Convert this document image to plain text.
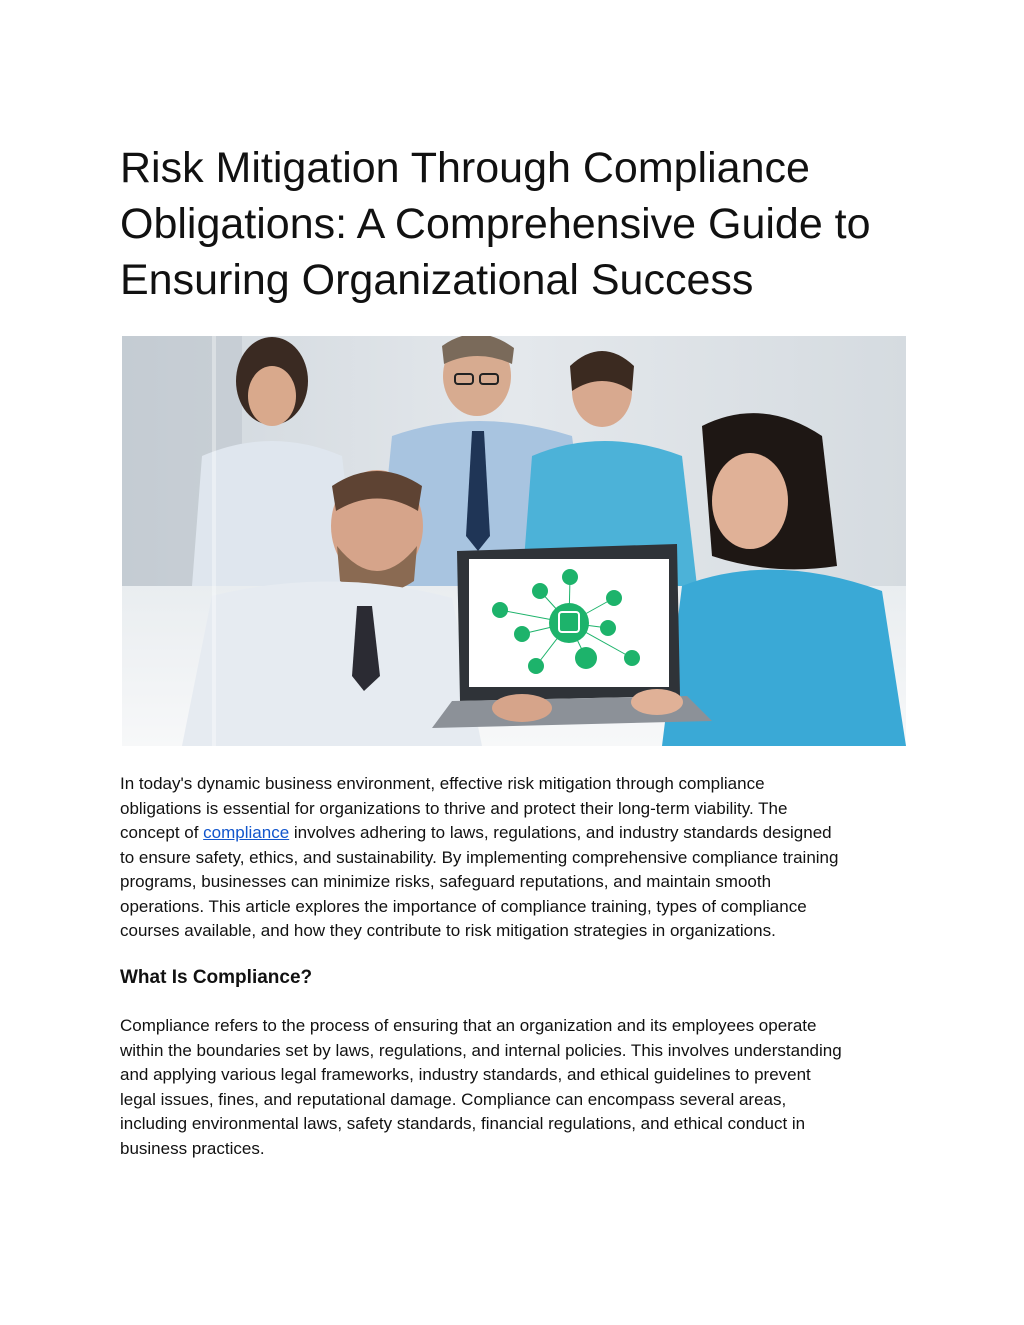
Risk Mitigation Through Compliance
Obligations: A Comprehensive Guide to
Ensuring Organizational Success

In today's dynamic business environment, effective risk mitigation through compliance
obligations is essential for organizations to thrive and protect their long-term viability. The
concept of compliance involves adhering to laws, regulations, and industry standards designed
to ensure safety, ethics, and sustainability. By implementing comprehensive compliance training
programs, businesses can minimize risks, safeguard reputations, and maintain smooth
operations. This article explores the importance of compliance training, types of compliance
courses available, and how they contribute to risk mitigation strategies in organizations.

What Is Compliance?

Compliance refers to the process of ensuring that an organization and its employees operate
within the boundaries set by laws, regulations, and internal policies. This involves understanding
and applying various legal frameworks, industry standards, and ethical guidelines to prevent
legal issues, fines, and reputational damage. Compliance can encompass several areas,
including environmental laws, safety standards, financial regulations, and ethical conduct in
business practices.
